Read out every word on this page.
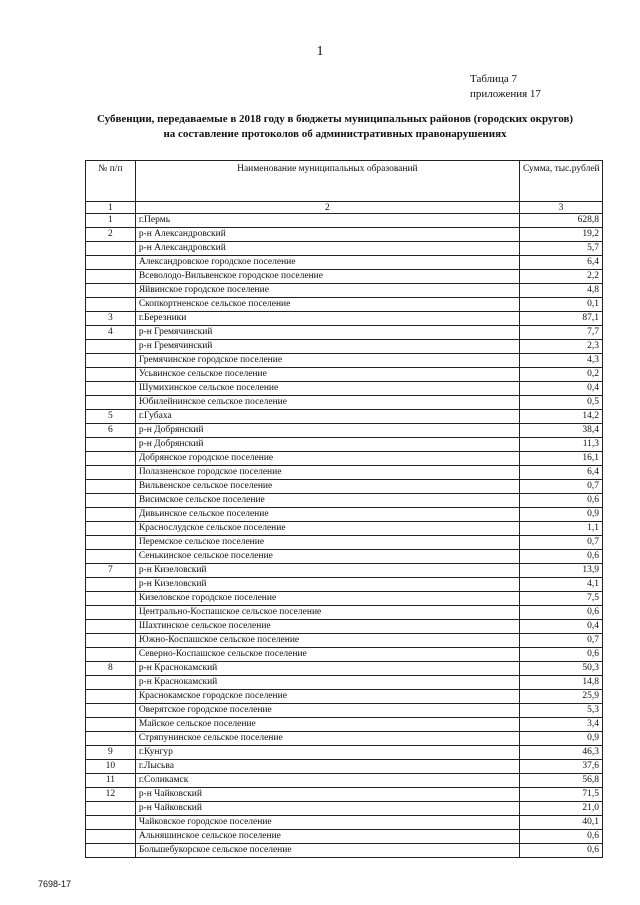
1
Таблица 7
приложения 17
Субвенции, передаваемые в 2018 году в бюджеты муниципальных районов (городских округов)
на составление протоколов об административных правонарушениях
№ п/п	Наименование муниципальных образований	Сумма, тыс.рублей
1	2	3
1	г.Пермь	628,8
2	р-н Александровский	19,2
	р-н Александровский	5,7
	Александровское городское поселение	6,4
	Всеволодо-Вильвенское городское поселение	2,2
	Яйвинское городское поселение	4,8
	Скопкортненское сельское поселение	0,1
3	г.Березники	87,1
4	р-н Гремячинский	7,7
	р-н Гремячинский	2,3
	Гремячинское городское поселение	4,3
	Усьвинское сельское поселение	0,2
	Шумихинское сельское поселение	0,4
	Юбилейнинское сельское поселение	0,5
5	г.Губаха	14,2
6	р-н Добрянский	38,4
	р-н Добрянский	11,3
	Добрянское городское поселение	16,1
	Полазненское городское поселение	6,4
	Вильвенское сельское поселение	0,7
	Висимское сельское поселение	0,6
	Дивьинское сельское поселение	0,9
	Краснослудское сельское поселение	1,1
	Перемское сельское поселение	0,7
	Сенькинское сельское поселение	0,6
7	р-н Кизеловский	13,9
	р-н Кизеловский	4,1
	Кизеловское городское поселение	7,5
	Центрально-Коспашское сельское поселение	0,6
	Шахтинское сельское поселение	0,4
	Южно-Коспашское сельское поселение	0,7
	Северно-Коспашское сельское поселение	0,6
8	р-н Краснокамский	50,3
	р-н Краснокамский	14,8
	Краснокамское городское поселение	25,9
	Оверятское городское поселение	5,3
	Майское сельское поселение	3,4
	Стряпунинское сельское поселение	0,9
9	г.Кунгур	46,3
10	г.Лысьва	37,6
11	г.Соликамск	56,8
12	р-н Чайковский	71,5
	р-н Чайковский	21,0
	Чайковское городское поселение	40,1
	Альняшинское сельское поселение	0,6
	Большебукорское сельское поселение	0,6
7698-17
